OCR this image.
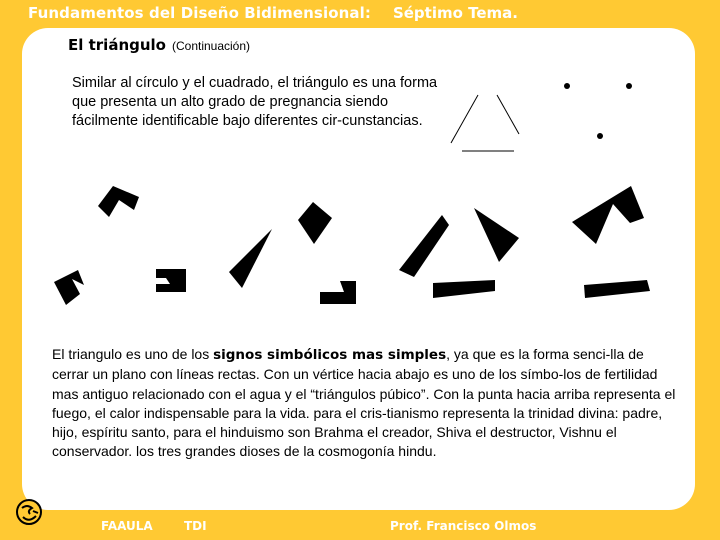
Fundamentos del Diseño Bidimensional: Séptimo Tema.
El triángulo (Continuación)

Similar al círculo y el cuadrado, el triángulo es una forma que presenta un alto grado de pregnancia siendo fácilmente identificable bajo diferentes cir-cunstancias.

El triangulo es uno de los signos simbólicos mas simples, ya que es la forma senci-lla de cerrar un plano con líneas rectas. Con un vértice hacia abajo es uno de los símbo-los de fertilidad mas antiguo relacionado con el agua y el “triángulos púbico”. Con la punta hacia arriba representa el fuego, el calor indispensable para la vida. para el cris-tianismo representa la trinidad divina: padre, hijo, espíritu santo, para el hinduismo son Brahma el creador, Shiva el destructor, Vishnu el conservador. los tres grandes dioses de la cosmogonía hindu.

FAAULA	TDI	Prof. Francisco Olmos
